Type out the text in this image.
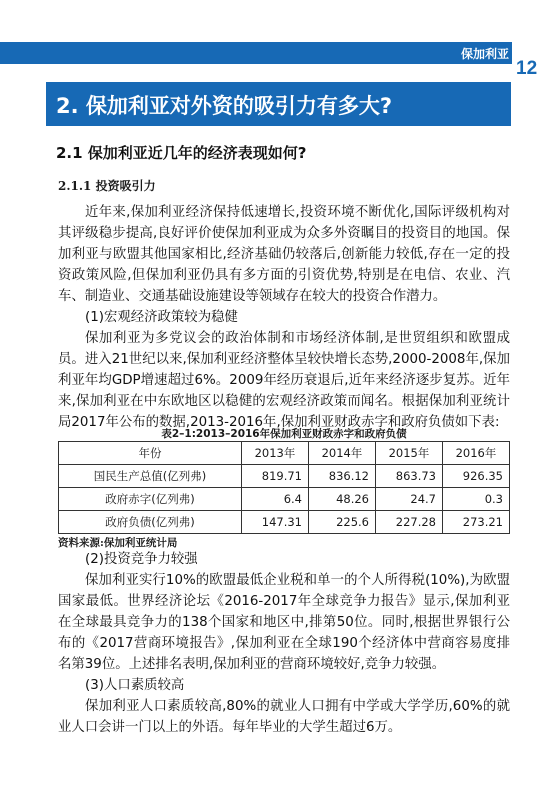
保加利亚
12
2. 保加利亚对外资的吸引力有多大?
2.1 保加利亚近几年的经济表现如何?
2.1.1 投资吸引力

近年来,保加利亚经济保持低速增长,投资环境不断优化,国际评级机构对其评级稳步提高,良好评价使保加利亚成为众多外资瞩目的投资目的地国。保加利亚与欧盟其他国家相比,经济基础仍较落后,创新能力较低,存在一定的投资政策风险,但保加利亚仍具有多方面的引资优势,特别是在电信、农业、汽车、制造业、交通基础设施建设等领域存在较大的投资合作潜力。

(1)宏观经济政策较为稳健

保加利亚为多党议会的政治体制和市场经济体制,是世贸组织和欧盟成员。进入21世纪以来,保加利亚经济整体呈较快增长态势,2000-2008年,保加利亚年均GDP增速超过6%。2009年经历衰退后,近年来经济逐步复苏。近年来,保加利亚在中东欧地区以稳健的宏观经济政策而闻名。根据保加利亚统计局2017年公布的数据,2013-2016年,保加利亚财政赤字和政府负债如下表:

表2–1:2013–2016年保加利亚财政赤字和政府负债
年份	2013年	2014年	2015年	2016年
国民生产总值(亿列弗)	819.71	836.12	863.73	926.35
政府赤字(亿列弗)	6.4	48.26	24.7	0.3
政府负债(亿列弗)	147.31	225.6	227.28	273.21
资料来源:保加利亚统计局

(2)投资竞争力较强

保加利亚实行10%的欧盟最低企业税和单一的个人所得税(10%),为欧盟国家最低。世界经济论坛《2016-2017年全球竞争力报告》显示,保加利亚在全球最具竞争力的138个国家和地区中,排第50位。同时,根据世界银行公布的《2017营商环境报告》,保加利亚在全球190个经济体中营商容易度排名第39位。上述排名表明,保加利亚的营商环境较好,竞争力较强。

(3)人口素质较高

保加利亚人口素质较高,80%的就业人口拥有中学或大学学历,60%的就业人口会讲一门以上的外语。每年毕业的大学生超过6万。
